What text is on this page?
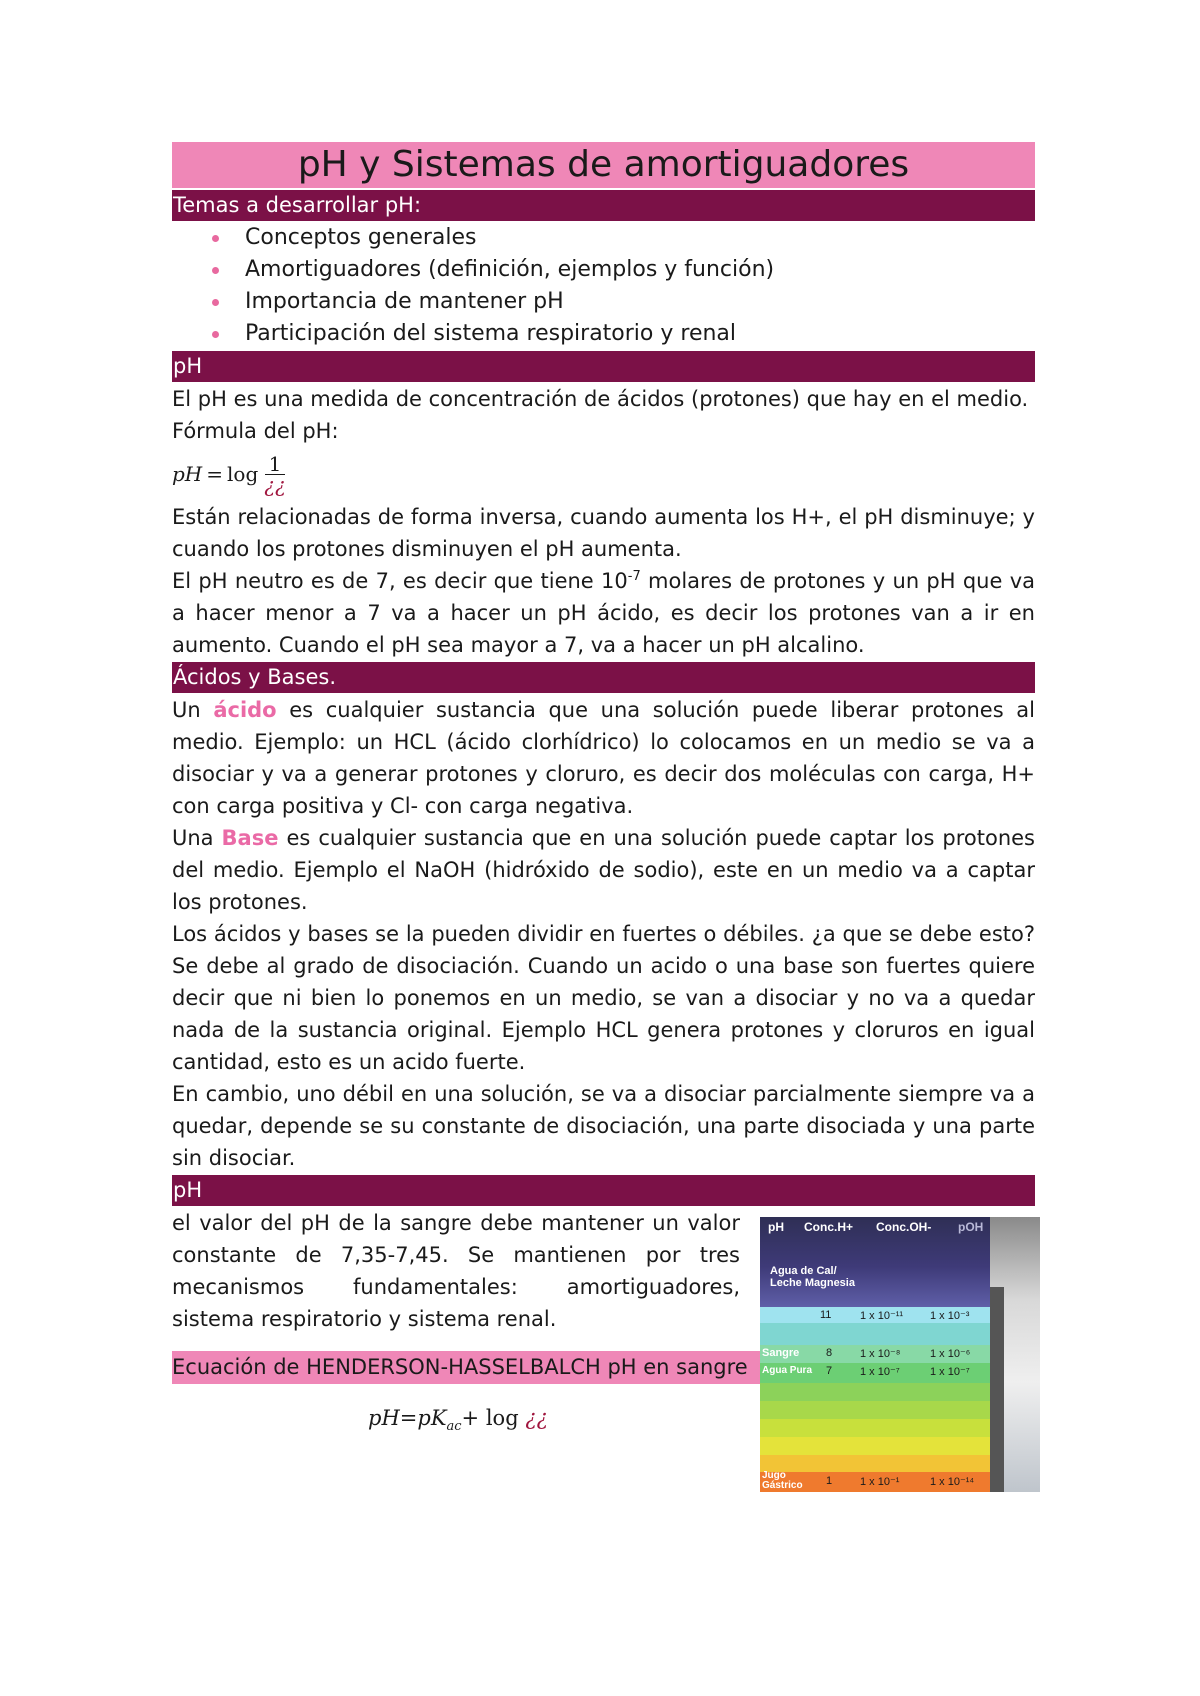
pH y Sistemas de amortiguadores
Temas a desarrollar pH:
Conceptos generales
Amortiguadores (definición, ejemplos y función)
Importancia de mantener pH
Participación del sistema respiratorio y renal
pH

El pH es una medida de concentración de ácidos (protones) que hay en el medio.

Fórmula del pH:

pH = $\log \frac{1}{¿¿}$

Están relacionadas de forma inversa, cuando aumenta los H+, el pH disminuye; y cuando los protones disminuyen el pH aumenta.

El pH neutro es de 7, es decir que tiene $10^{-7}$ molares de protones y un pH que va a hacer menor a 7 va a hacer un pH ácido, es decir los protones van a ir en aumento. Cuando el pH sea mayor a 7, va a hacer un pH alcalino.

Ácidos y Bases.

Un ácido es cualquier sustancia que una solución puede liberar protones al medio. Ejemplo: un HCL (ácido clorhídrico) lo colocamos en un medio se va a disociar y va a generar protones y cloruro, es decir dos moléculas con carga, H+ con carga positiva y Cl- con carga negativa.

Una Base es cualquier sustancia que en una solución puede captar los protones del medio. Ejemplo el NaOH (hidróxido de sodio), este en un medio va a captar los protones.

Los ácidos y bases se la pueden dividir en fuertes o débiles. ¿a que se debe esto? Se debe al grado de disociación. Cuando un acido o una base son fuertes quiere decir que ni bien lo ponemos en un medio, se van a disociar y no va a quedar nada de la sustancia original. Ejemplo HCL genera protones y cloruros en igual cantidad, esto es un acido fuerte.

En cambio, uno débil en una solución, se va a disociar parcialmente siempre va a quedar, depende se su constante de disociación, una parte disociada y una parte sin disociar.

pH

el valor del pH de la sangre debe mantener un valor constante de 7,35-7,45. Se mantienen por tres mecanismos fundamentales: amortiguadores, sistema respiratorio y sistema renal.

Ecuación de HENDERSON-HASSELBALCH pH en sangre
$pH=pK_{ac}+ \log$ ¿¿
pH Conc.H+ Conc.OH- pOH
Agua de Cal/ Leche Magnesia
11	1 x 10⁻¹¹ 1 x 10⁻³
Sangre 8	1 x 10⁻⁸	1 x 10⁻⁶
Agua Pura 7	1 x 10⁻⁷	1 x 10⁻⁷
Jugo Gástrico	1	1 x 10⁻¹	1 x 10⁻¹⁴
